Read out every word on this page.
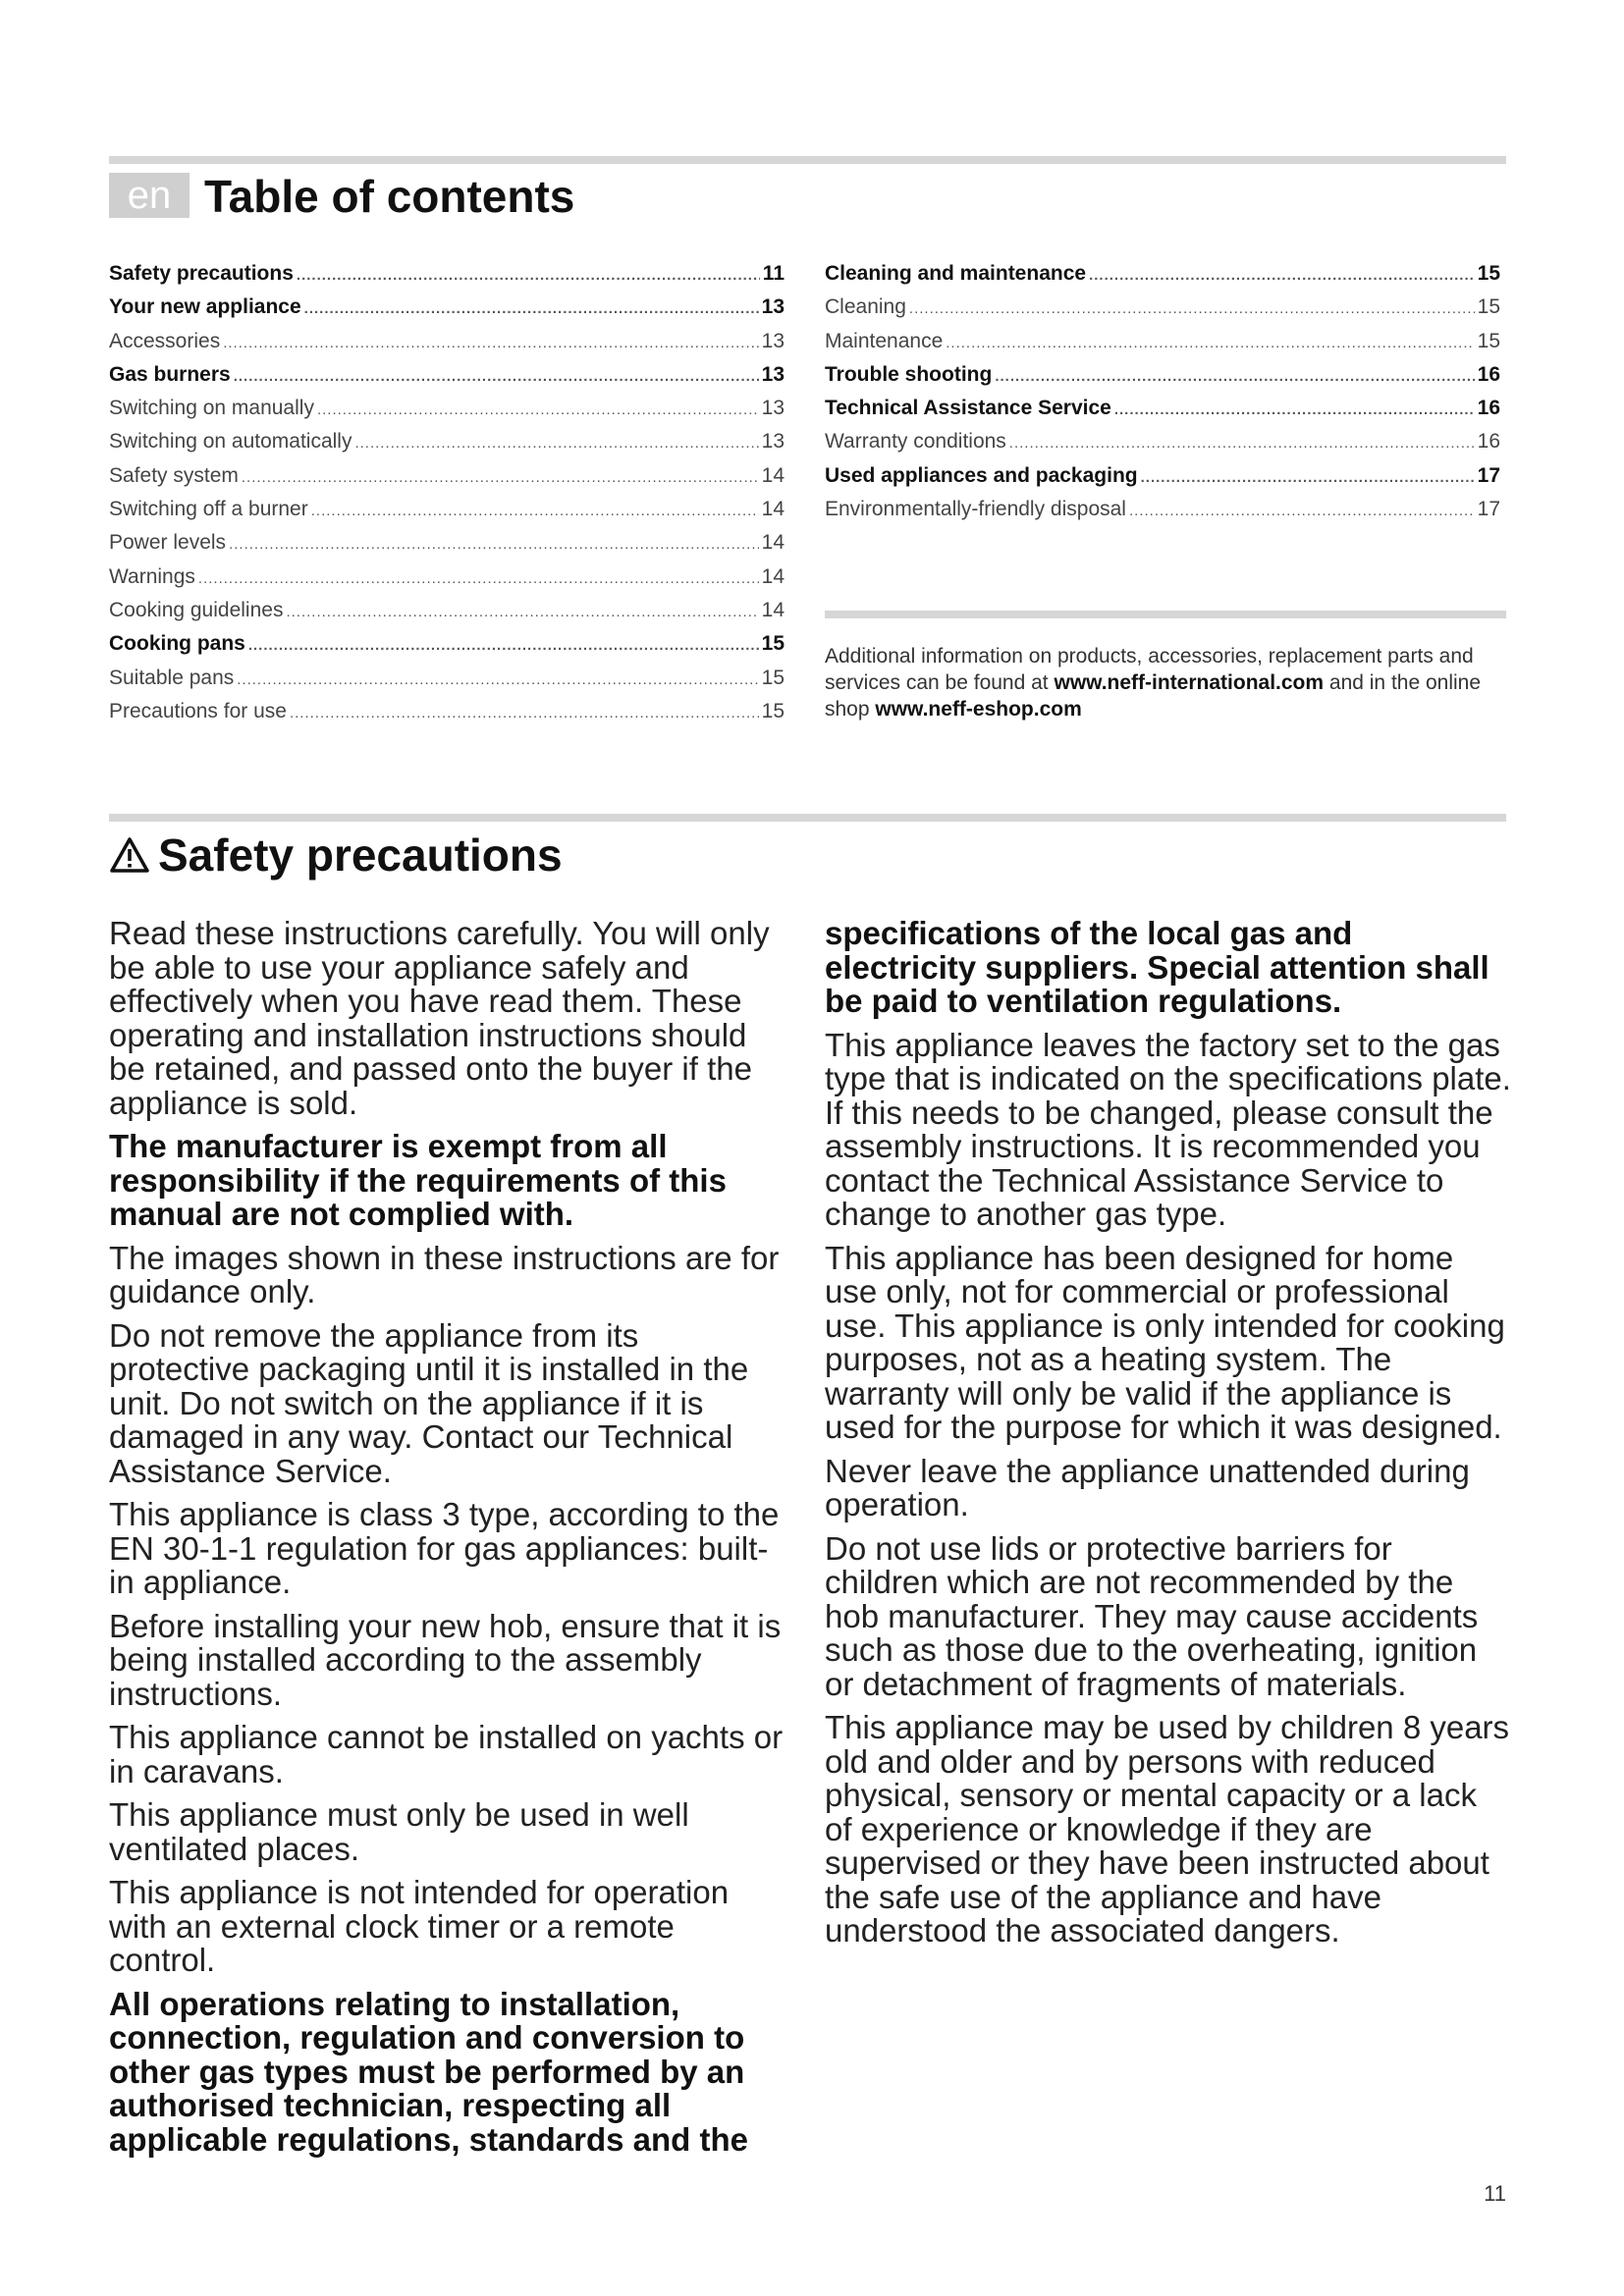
en Table of contents
Safety precautions .....	11
Your new appliance .....	13
Accessories .....	13
Gas burners .....	13
Switching on manually .....	13
Switching on automatically .....	13
Safety system .....	14
Switching off a burner .....	14
Power levels .....	14
Warnings .....	14
Cooking guidelines .....	14
Cooking pans .....	15
Suitable pans .....	15
Precautions for use .....	15
Cleaning and maintenance .....	15
Cleaning .....	15
Maintenance .....	15
Trouble shooting .....	16
Technical Assistance Service .....	16
Warranty conditions .....	16
Used appliances and packaging .....	17
Environmentally-friendly disposal .....	17
Additional information on products, accessories, replacement parts and services can be found at www.neff-international.com and in the online shop www.neff-eshop.com
Safety precautions

Read these instructions carefully. You will only be able to use your appliance safely and effectively when you have read them. These operating and installation instructions should be retained, and passed onto the buyer if the appliance is sold.

The manufacturer is exempt from all responsibility if the requirements of this manual are not complied with.

The images shown in these instructions are for guidance only.

Do not remove the appliance from its protective packaging until it is installed in the unit. Do not switch on the appliance if it is damaged in any way. Contact our Technical Assistance Service.

This appliance is class 3 type, according to the EN 30-1-1 regulation for gas appliances: built-in appliance.

Before installing your new hob, ensure that it is being installed according to the assembly instructions.

This appliance cannot be installed on yachts or in caravans.

This appliance must only be used in well ventilated places.

This appliance is not intended for operation with an external clock timer or a remote control.

All operations relating to installation, connection, regulation and conversion to other gas types must be performed by an authorised technician, respecting all applicable regulations, standards and the

specifications of the local gas and electricity suppliers. Special attention shall be paid to ventilation regulations.

This appliance leaves the factory set to the gas type that is indicated on the specifications plate. If this needs to be changed, please consult the assembly instructions. It is recommended you contact the Technical Assistance Service to change to another gas type.

This appliance has been designed for home use only, not for commercial or professional use. This appliance is only intended for cooking purposes, not as a heating system. The warranty will only be valid if the appliance is used for the purpose for which it was designed.

Never leave the appliance unattended during operation.

Do not use lids or protective barriers for children which are not recommended by the hob manufacturer. They may cause accidents such as those due to the overheating, ignition or detachment of fragments of materials.

This appliance may be used by children 8 years old and older and by persons with reduced physical, sensory or mental capacity or a lack of experience or knowledge if they are supervised or they have been instructed about the safe use of the appliance and have understood the associated dangers.

11
